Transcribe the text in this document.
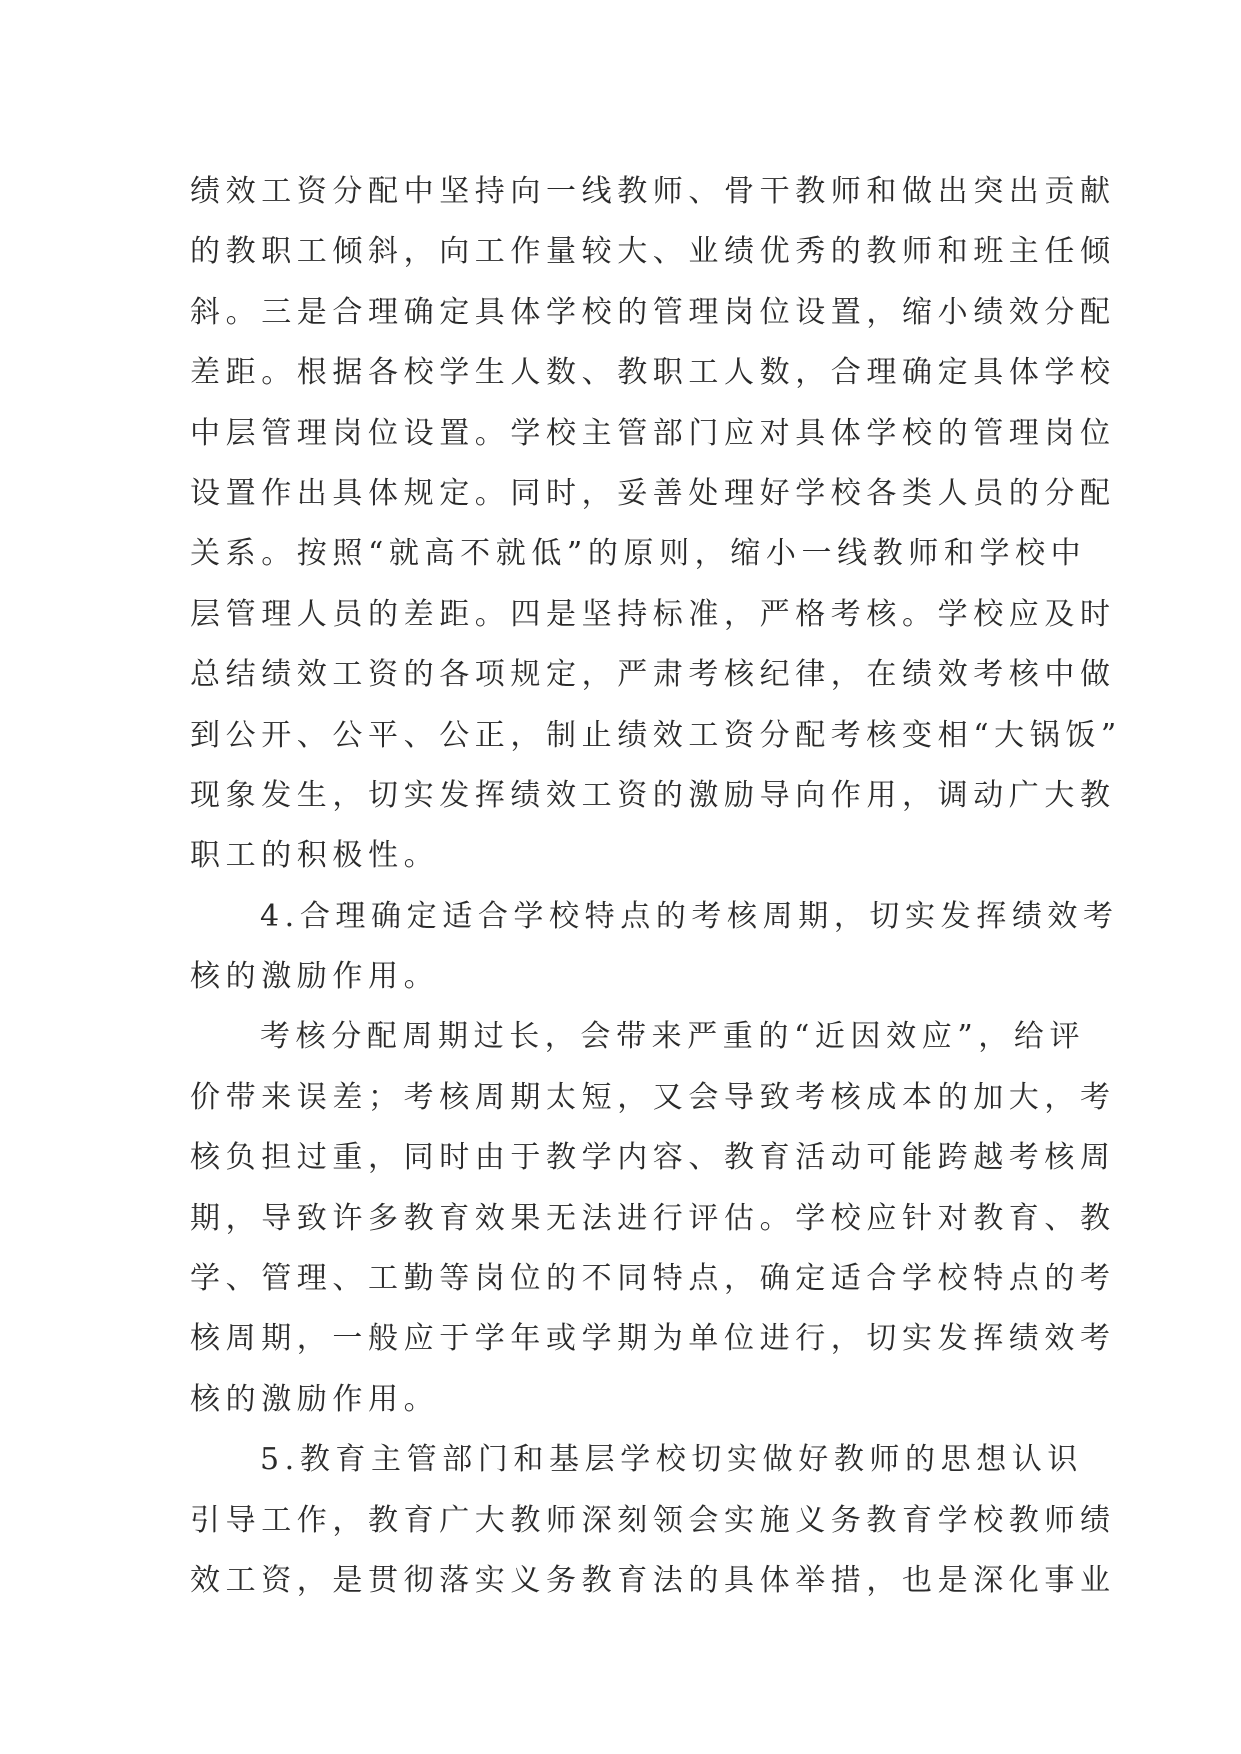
绩效工资分配中坚持向一线教师、骨干教师和做出突出贡献
的教职工倾斜，向工作量较大、业绩优秀的教师和班主任倾
斜。三是合理确定具体学校的管理岗位设置，缩小绩效分配
差距。根据各校学生人数、教职工人数，合理确定具体学校
中层管理岗位设置。学校主管部门应对具体学校的管理岗位
设置作出具体规定。同时，妥善处理好学校各类人员的分配
关系。按照“就高不就低”的原则，缩小一线教师和学校中
层管理人员的差距。四是坚持标准，严格考核。学校应及时
总结绩效工资的各项规定，严肃考核纪律，在绩效考核中做
到公开、公平、公正，制止绩效工资分配考核变相“大锅饭”
现象发生，切实发挥绩效工资的激励导向作用，调动广大教
职工的积极性。
4.合理确定适合学校特点的考核周期，切实发挥绩效考
核的激励作用。
考核分配周期过长，会带来严重的“近因效应”，给评
价带来误差；考核周期太短，又会导致考核成本的加大，考
核负担过重，同时由于教学内容、教育活动可能跨越考核周
期，导致许多教育效果无法进行评估。学校应针对教育、教
学、管理、工勤等岗位的不同特点，确定适合学校特点的考
核周期，一般应于学年或学期为单位进行，切实发挥绩效考
核的激励作用。
5.教育主管部门和基层学校切实做好教师的思想认识
引导工作，教育广大教师深刻领会实施义务教育学校教师绩
效工资，是贯彻落实义务教育法的具体举措，也是深化事业
